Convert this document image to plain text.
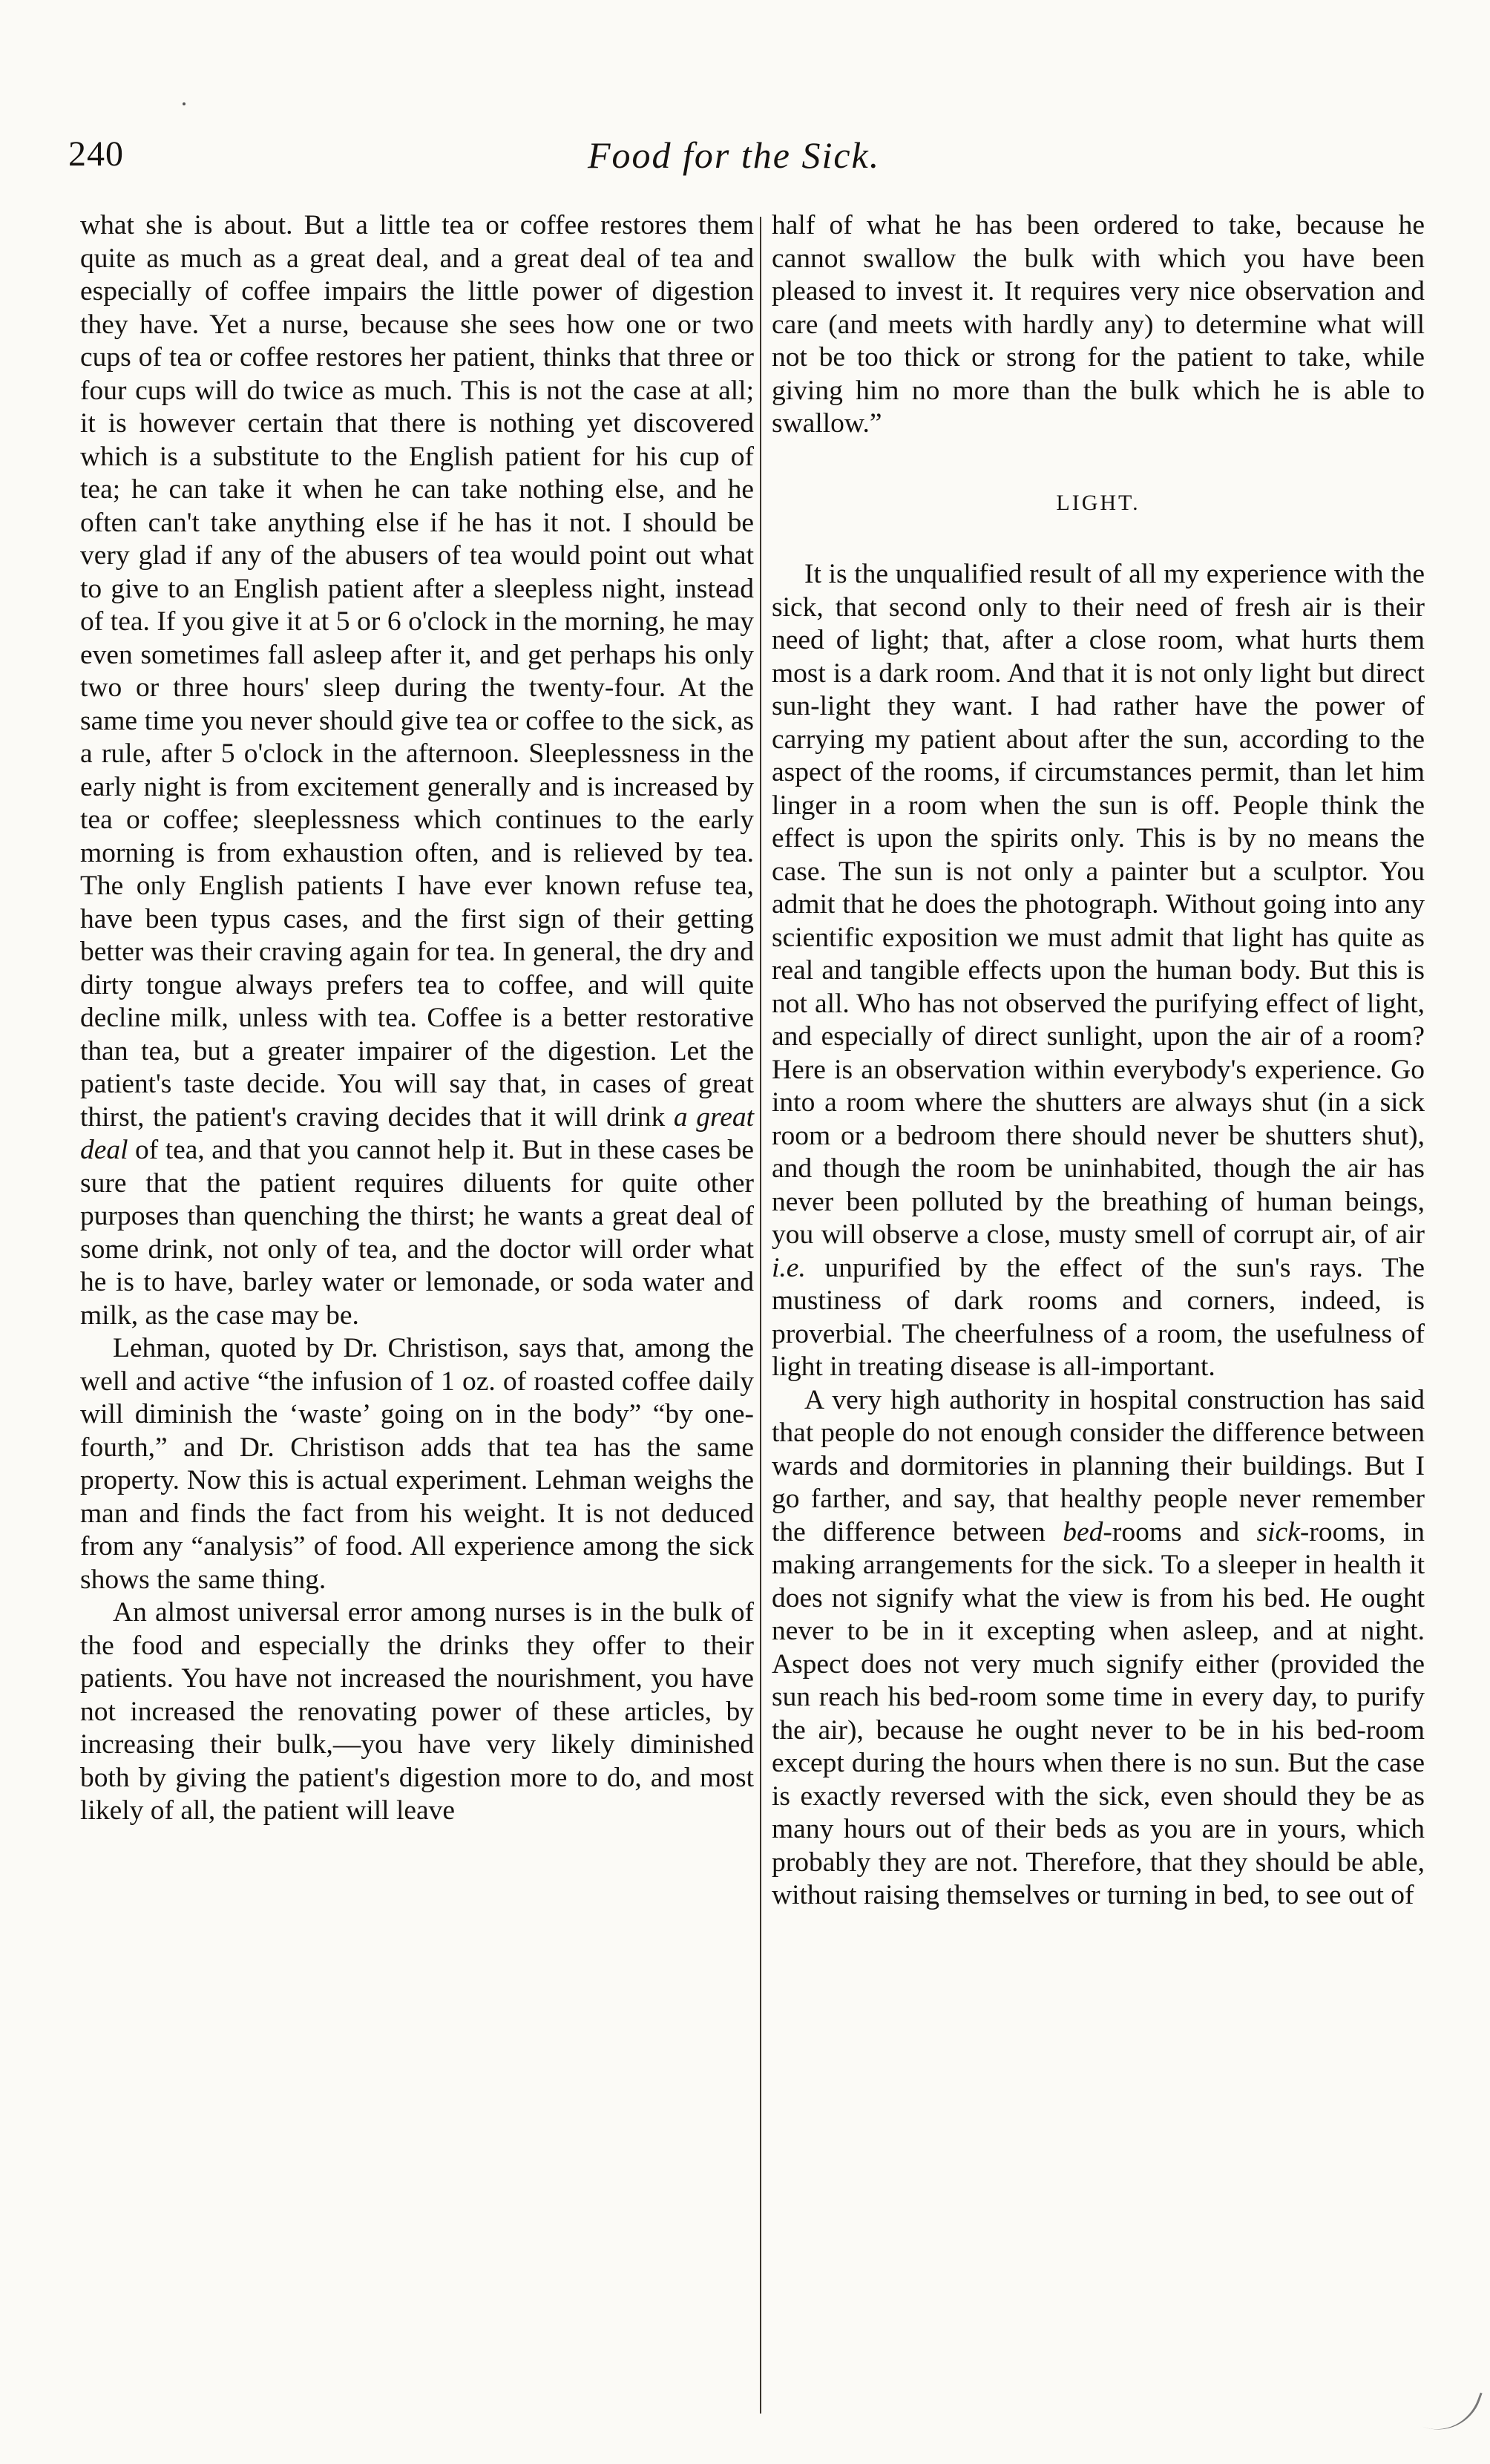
240	Food for the Sick.

what she is about. But a little tea or coffee restores them quite as much as a great deal, and a great deal of tea and especially of coffee impairs the little power of digestion they have. Yet a nurse, because she sees how one or two cups of tea or coffee restores her patient, thinks that three or four cups will do twice as much. This is not the case at all; it is however certain that there is nothing yet discovered which is a substitute to the English patient for his cup of tea; he can take it when he can take nothing else, and he often can't take anything else if he has it not. I should be very glad if any of the abusers of tea would point out what to give to an English patient after a sleepless night, instead of tea. If you give it at 5 or 6 o'clock in the morning, he may even sometimes fall asleep after it, and get perhaps his only two or three hours' sleep during the twenty-four. At the same time you never should give tea or coffee to the sick, as a rule, after 5 o'clock in the afternoon. Sleeplessness in the early night is from excitement generally and is increased by tea or coffee; sleeplessness which continues to the early morning is from exhaustion often, and is relieved by tea. The only English patients I have ever known refuse tea, have been typus cases, and the first sign of their getting better was their craving again for tea. In general, the dry and dirty tongue always prefers tea to coffee, and will quite decline milk, unless with tea. Coffee is a better restorative than tea, but a greater impairer of the digestion. Let the patient's taste decide. You will say that, in cases of great thirst, the patient's craving decides that it will drink a great deal of tea, and that you cannot help it. But in these cases be sure that the patient requires diluents for quite other purposes than quenching the thirst; he wants a great deal of some drink, not only of tea, and the doctor will order what he is to have, barley water or lemonade, or soda water and milk, as the case may be.

Lehman, quoted by Dr. Christison, says that, among the well and active “the infusion of 1 oz. of roasted coffee daily will diminish the ‘waste’ going on in the body” “by one-fourth,” and Dr. Christison adds that tea has the same property. Now this is actual experiment. Lehman weighs the man and finds the fact from his weight. It is not deduced from any “analysis” of food. All experience among the sick shows the same thing.

An almost universal error among nurses is in the bulk of the food and especially the drinks they offer to their patients. You have not increased the nourishment, you have not increased the renovating power of these articles, by increasing their bulk,—you have very likely diminished both by giving the patient's digestion more to do, and most likely of all, the patient will leave

half of what he has been ordered to take, because he cannot swallow the bulk with which you have been pleased to invest it. It requires very nice observation and care (and meets with hardly any) to determine what will not be too thick or strong for the patient to take, while giving him no more than the bulk which he is able to swallow.”

LIGHT.

It is the unqualified result of all my experience with the sick, that second only to their need of fresh air is their need of light; that, after a close room, what hurts them most is a dark room. And that it is not only light but direct sun-light they want. I had rather have the power of carrying my patient about after the sun, according to the aspect of the rooms, if circumstances permit, than let him linger in a room when the sun is off. People think the effect is upon the spirits only. This is by no means the case. The sun is not only a painter but a sculptor. You admit that he does the photograph. Without going into any scientific exposition we must admit that light has quite as real and tangible effects upon the human body. But this is not all. Who has not observed the purifying effect of light, and especially of direct sunlight, upon the air of a room? Here is an observation within everybody's experience. Go into a room where the shutters are always shut (in a sick room or a bedroom there should never be shutters shut), and though the room be uninhabited, though the air has never been polluted by the breathing of human beings, you will observe a close, musty smell of corrupt air, of air i.e. unpurified by the effect of the sun's rays. The mustiness of dark rooms and corners, indeed, is proverbial. The cheerfulness of a room, the usefulness of light in treating disease is all-important.

A very high authority in hospital construction has said that people do not enough consider the difference between wards and dormitories in planning their buildings. But I go farther, and say, that healthy people never remember the difference between bed-rooms and sick-rooms, in making arrangements for the sick. To a sleeper in health it does not signify what the view is from his bed. He ought never to be in it excepting when asleep, and at night. Aspect does not very much signify either (provided the sun reach his bed-room some time in every day, to purify the air), because he ought never to be in his bed-room except during the hours when there is no sun. But the case is exactly reversed with the sick, even should they be as many hours out of their beds as you are in yours, which probably they are not. Therefore, that they should be able, without raising themselves or turning in bed, to see out of
